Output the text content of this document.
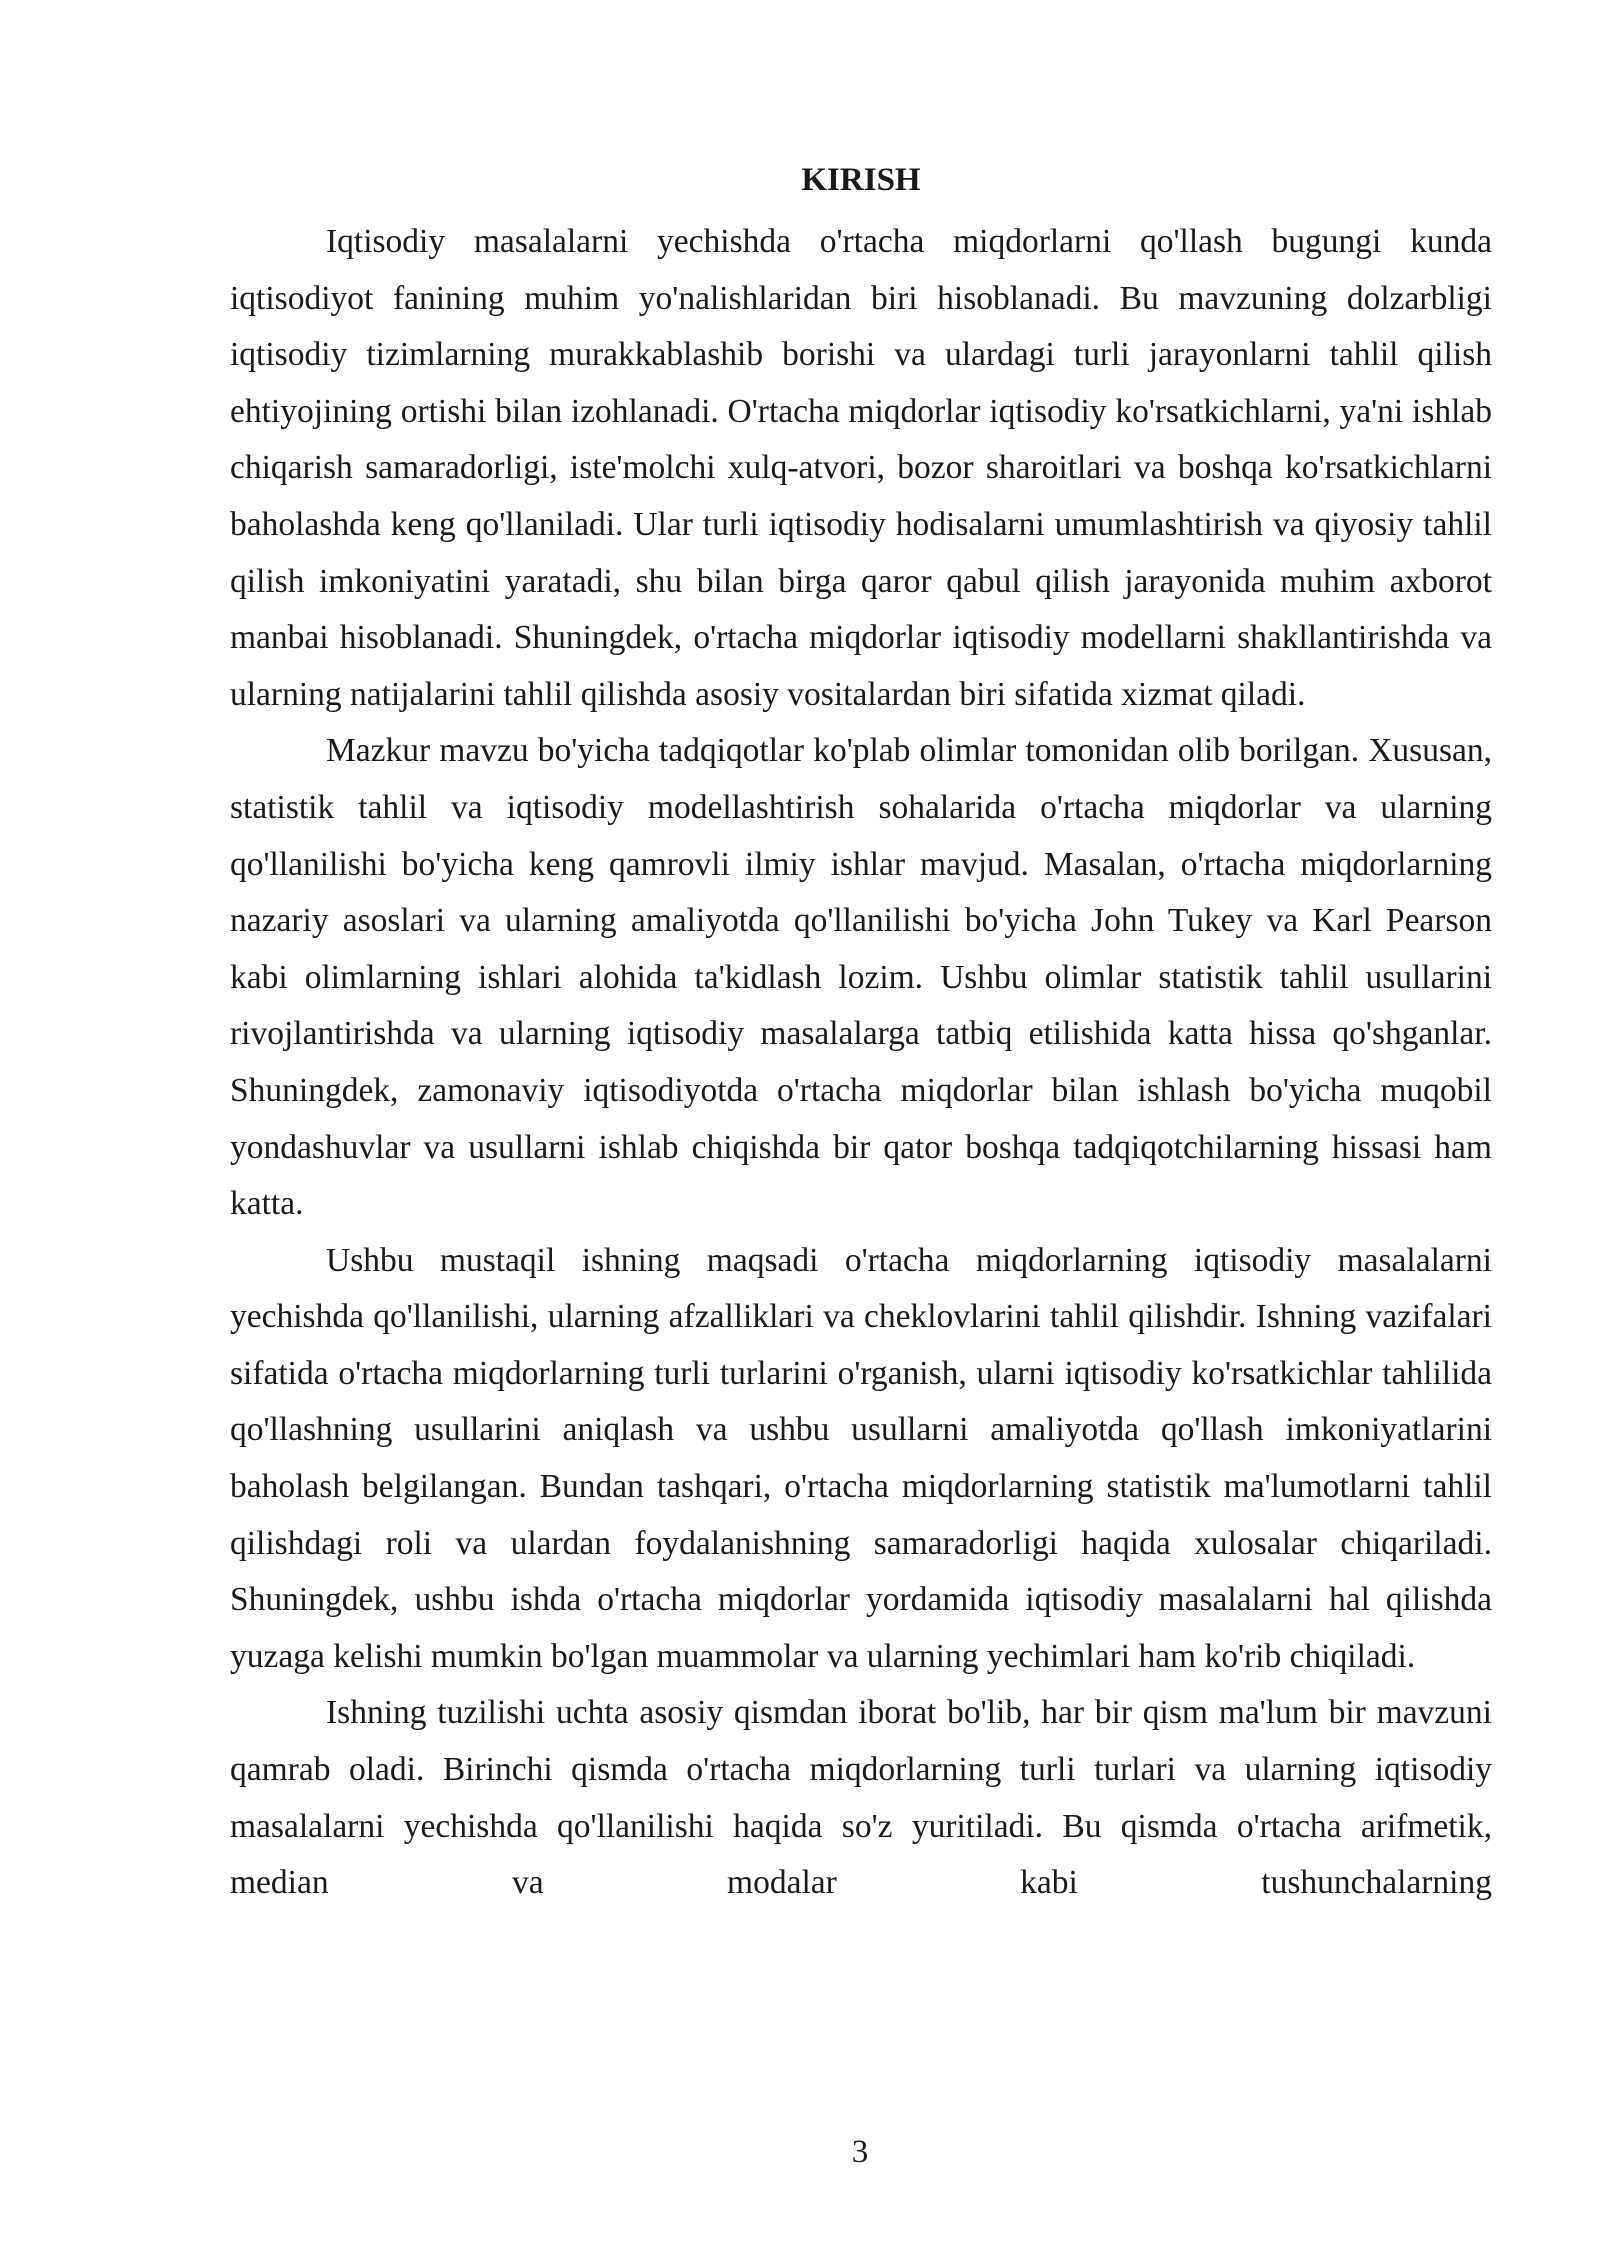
KIRISH

Iqtisodiy masalalarni yechishda o'rtacha miqdorlarni qo'llash bugungi kunda iqtisodiyot fanining muhim yo'nalishlaridan biri hisoblanadi. Bu mavzuning dolzarbligi iqtisodiy tizimlarning murakkablashib borishi va ulardagi turli jarayonlarni tahlil qilish ehtiyojining ortishi bilan izohlanadi. O'rtacha miqdorlar iqtisodiy ko'rsatkichlarni, ya'ni ishlab chiqarish samaradorligi, iste'molchi xulq-atvori, bozor sharoitlari va boshqa ko'rsatkichlarni baholashda keng qo'llaniladi. Ular turli iqtisodiy hodisalarni umumlashtirish va qiyosiy tahlil qilish imkoniyatini yaratadi, shu bilan birga qaror qabul qilish jarayonida muhim axborot manbai hisoblanadi. Shuningdek, o'rtacha miqdorlar iqtisodiy modellarni shakllantirishda va ularning natijalarini tahlil qilishda asosiy vositalardan biri sifatida xizmat qiladi.

Mazkur mavzu bo'yicha tadqiqotlar ko'plab olimlar tomonidan olib borilgan. Xususan, statistik tahlil va iqtisodiy modellashtirish sohalarida o'rtacha miqdorlar va ularning qo'llanilishi bo'yicha keng qamrovli ilmiy ishlar mavjud. Masalan, o'rtacha miqdorlarning nazariy asoslari va ularning amaliyotda qo'llanilishi bo'yicha John Tukey va Karl Pearson kabi olimlarning ishlari alohida ta'kidlash lozim. Ushbu olimlar statistik tahlil usullarini rivojlantirishda va ularning iqtisodiy masalalarga tatbiq etilishida katta hissa qo'shganlar. Shuningdek, zamonaviy iqtisodiyotda o'rtacha miqdorlar bilan ishlash bo'yicha muqobil yondashuvlar va usullarni ishlab chiqishda bir qator boshqa tadqiqotchilarning hissasi ham katta.

Ushbu mustaqil ishning maqsadi o'rtacha miqdorlarning iqtisodiy masalalarni yechishda qo'llanilishi, ularning afzalliklari va cheklovlarini tahlil qilishdir. Ishning vazifalari sifatida o'rtacha miqdorlarning turli turlarini o'rganish, ularni iqtisodiy ko'rsatkichlar tahlilida qo'llashning usullarini aniqlash va ushbu usullarni amaliyotda qo'llash imkoniyatlarini baholash belgilangan. Bundan tashqari, o'rtacha miqdorlarning statistik ma'lumotlarni tahlil qilishdagi roli va ulardan foydalanishning samaradorligi haqida xulosalar chiqariladi. Shuningdek, ushbu ishda o'rtacha miqdorlar yordamida iqtisodiy masalalarni hal qilishda yuzaga kelishi mumkin bo'lgan muammolar va ularning yechimlari ham ko'rib chiqiladi.

Ishning tuzilishi uchta asosiy qismdan iborat bo'lib, har bir qism ma'lum bir mavzuni qamrab oladi. Birinchi qismda o'rtacha miqdorlarning turli turlari va ularning iqtisodiy masalalarni yechishda qo'llanilishi haqida so'z yuritiladi. Bu qismda o'rtacha arifmetik, median va modalar kabi tushunchalarning

3
